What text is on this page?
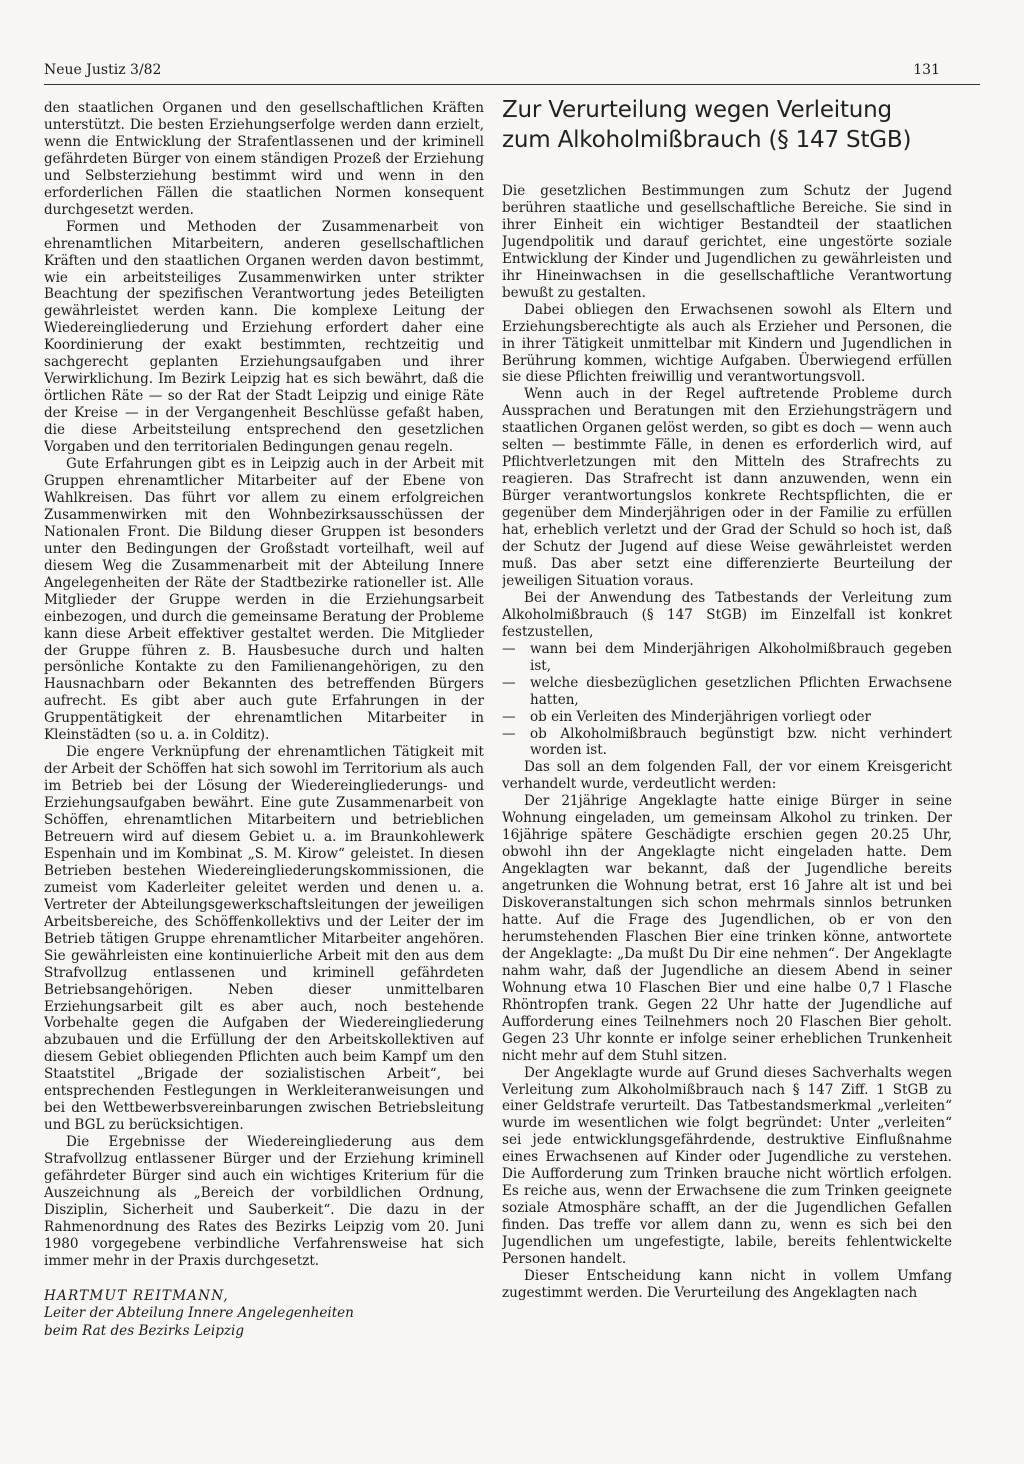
Neue Justiz 3/82	131

den staatlichen Organen und den gesellschaftlichen Kräften unterstützt. Die besten Erziehungserfolge werden dann erzielt, wenn die Entwicklung der Strafentlassenen und der kriminell gefährdeten Bürger von einem ständigen Prozeß der Erziehung und Selbsterziehung bestimmt wird und wenn in den erforderlichen Fällen die staatlichen Normen konsequent durchgesetzt werden.

Formen und Methoden der Zusammenarbeit von ehrenamtlichen Mitarbeitern, anderen gesellschaftlichen Kräften und den staatlichen Organen werden davon bestimmt, wie ein arbeitsteiliges Zusammenwirken unter strikter Beachtung der spezifischen Verantwortung jedes Beteiligten gewährleistet werden kann. Die komplexe Leitung der Wiedereingliederung und Erziehung erfordert daher eine Koordinierung der exakt bestimmten, rechtzeitig und sachgerecht geplanten Erziehungsaufgaben und ihrer Verwirklichung. Im Bezirk Leipzig hat es sich bewährt, daß die örtlichen Räte — so der Rat der Stadt Leipzig und einige Räte der Kreise — in der Vergangenheit Beschlüsse gefaßt haben, die diese Arbeitsteilung entsprechend den gesetzlichen Vorgaben und den territorialen Bedingungen genau regeln.

Gute Erfahrungen gibt es in Leipzig auch in der Arbeit mit Gruppen ehrenamtlicher Mitarbeiter auf der Ebene von Wahlkreisen. Das führt vor allem zu einem erfolgreichen Zusammenwirken mit den Wohnbezirksausschüssen der Nationalen Front. Die Bildung dieser Gruppen ist besonders unter den Bedingungen der Großstadt vorteilhaft, weil auf diesem Weg die Zusammenarbeit mit der Abteilung Innere Angelegenheiten der Räte der Stadtbezirke rationeller ist. Alle Mitglieder der Gruppe werden in die Erziehungsarbeit einbezogen, und durch die gemeinsame Beratung der Probleme kann diese Arbeit effektiver gestaltet werden. Die Mitglieder der Gruppe führen z. B. Hausbesuche durch und halten persönliche Kontakte zu den Familienangehörigen, zu den Hausnachbarn oder Bekannten des betreffenden Bürgers aufrecht. Es gibt aber auch gute Erfahrungen in der Gruppentätigkeit der ehrenamtlichen Mitarbeiter in Kleinstädten (so u. a. in Colditz).

Die engere Verknüpfung der ehrenamtlichen Tätigkeit mit der Arbeit der Schöffen hat sich sowohl im Territorium als auch im Betrieb bei der Lösung der Wiedereingliederungs- und Erziehungsaufgaben bewährt. Eine gute Zusammenarbeit von Schöffen, ehrenamtlichen Mitarbeitern und betrieblichen Betreuern wird auf diesem Gebiet u. a. im Braunkohlewerk Espenhain und im Kombinat „S. M. Kirow“ geleistet. In diesen Betrieben bestehen Wiedereingliederungskommissionen, die zumeist vom Kaderleiter geleitet werden und denen u. a. Vertreter der Abteilungsgewerkschaftsleitungen der jeweiligen Arbeitsbereiche, des Schöffenkollektivs und der Leiter der im Betrieb tätigen Gruppe ehrenamtlicher Mitarbeiter angehören. Sie gewährleisten eine kontinuierliche Arbeit mit den aus dem Strafvollzug entlassenen und kriminell gefährdeten Betriebsangehörigen. Neben dieser unmittelbaren Erziehungsarbeit gilt es aber auch, noch bestehende Vorbehalte gegen die Aufgaben der Wiedereingliederung abzubauen und die Erfüllung der den Arbeitskollektiven auf diesem Gebiet obliegenden Pflichten auch beim Kampf um den Staatstitel „Brigade der sozialistischen Arbeit“, bei entsprechenden Festlegungen in Werkleiteranweisungen und bei den Wettbewerbsvereinbarungen zwischen Betriebsleitung und BGL zu berücksichtigen.

Die Ergebnisse der Wiedereingliederung aus dem Strafvollzug entlassener Bürger und der Erziehung kriminell gefährdeter Bürger sind auch ein wichtiges Kriterium für die Auszeichnung als „Bereich der vorbildlichen Ordnung, Disziplin, Sicherheit und Sauberkeit“. Die dazu in der Rahmenordnung des Rates des Bezirks Leipzig vom 20. Juni 1980 vorgegebene verbindliche Verfahrensweise hat sich immer mehr in der Praxis durchgesetzt.

HARTMUT REITMANN,
Leiter der Abteilung Innere Angelegenheiten
beim Rat des Bezirks Leipzig
Zur Verurteilung wegen Verleitung
zum Alkoholmißbrauch (§ 147 StGB)

Die gesetzlichen Bestimmungen zum Schutz der Jugend berühren staatliche und gesellschaftliche Bereiche. Sie sind in ihrer Einheit ein wichtiger Bestandteil der staatlichen Jugendpolitik und darauf gerichtet, eine ungestörte soziale Entwicklung der Kinder und Jugendlichen zu gewährleisten und ihr Hineinwachsen in die gesellschaftliche Verantwortung bewußt zu gestalten.

Dabei obliegen den Erwachsenen sowohl als Eltern und Erziehungsberechtigte als auch als Erzieher und Personen, die in ihrer Tätigkeit unmittelbar mit Kindern und Jugendlichen in Berührung kommen, wichtige Aufgaben. Überwiegend erfüllen sie diese Pflichten freiwillig und verantwortungsvoll.

Wenn auch in der Regel auftretende Probleme durch Aussprachen und Beratungen mit den Erziehungsträgern und staatlichen Organen gelöst werden, so gibt es doch — wenn auch selten — bestimmte Fälle, in denen es erforderlich wird, auf Pflichtverletzungen mit den Mitteln des Strafrechts zu reagieren. Das Strafrecht ist dann anzuwenden, wenn ein Bürger verantwortungslos konkrete Rechtspflichten, die er gegenüber dem Minderjährigen oder in der Familie zu erfüllen hat, erheblich verletzt und der Grad der Schuld so hoch ist, daß der Schutz der Jugend auf diese Weise gewährleistet werden muß. Das aber setzt eine differenzierte Beurteilung der jeweiligen Situation voraus.

Bei der Anwendung des Tatbestands der Verleitung zum Alkoholmißbrauch (§ 147 StGB) im Einzelfall ist konkret festzustellen,

— wann bei dem Minderjährigen Alkoholmißbrauch gegeben ist,
— welche diesbezüglichen gesetzlichen Pflichten Erwachsene hatten,
— ob ein Verleiten des Minderjährigen vorliegt oder
— ob Alkoholmißbrauch begünstigt bzw. nicht verhindert worden ist.

Das soll an dem folgenden Fall, der vor einem Kreisgericht verhandelt wurde, verdeutlicht werden:

Der 21jährige Angeklagte hatte einige Bürger in seine Wohnung eingeladen, um gemeinsam Alkohol zu trinken. Der 16jährige spätere Geschädigte erschien gegen 20.25 Uhr, obwohl ihn der Angeklagte nicht eingeladen hatte. Dem Angeklagten war bekannt, daß der Jugendliche bereits angetrunken die Wohnung betrat, erst 16 Jahre alt ist und bei Diskoveranstaltungen sich schon mehrmals sinnlos betrunken hatte. Auf die Frage des Jugendlichen, ob er von den herumstehenden Flaschen Bier eine trinken könne, antwortete der Angeklagte: „Da mußt Du Dir eine nehmen“. Der Angeklagte nahm wahr, daß der Jugendliche an diesem Abend in seiner Wohnung etwa 10 Flaschen Bier und eine halbe 0,7 l Flasche Rhöntropfen trank. Gegen 22 Uhr hatte der Jugendliche auf Aufforderung eines Teilnehmers noch 20 Flaschen Bier geholt. Gegen 23 Uhr konnte er infolge seiner erheblichen Trunkenheit nicht mehr auf dem Stuhl sitzen.

Der Angeklagte wurde auf Grund dieses Sachverhalts wegen Verleitung zum Alkoholmißbrauch nach § 147 Ziff. 1 StGB zu einer Geldstrafe verurteilt. Das Tatbestandsmerkmal „verleiten“ wurde im wesentlichen wie folgt begründet: Unter „verleiten“ sei jede entwicklungsgefährdende, destruktive Einflußnahme eines Erwachsenen auf Kinder oder Jugendliche zu verstehen. Die Aufforderung zum Trinken brauche nicht wörtlich erfolgen. Es reiche aus, wenn der Erwachsene die zum Trinken geeignete soziale Atmosphäre schafft, an der die Jugendlichen Gefallen finden. Das treffe vor allem dann zu, wenn es sich bei den Jugendlichen um ungefestigte, labile, bereits fehlentwickelte Personen handelt.

Dieser Entscheidung kann nicht in vollem Umfang zugestimmt werden. Die Verurteilung des Angeklagten nach
